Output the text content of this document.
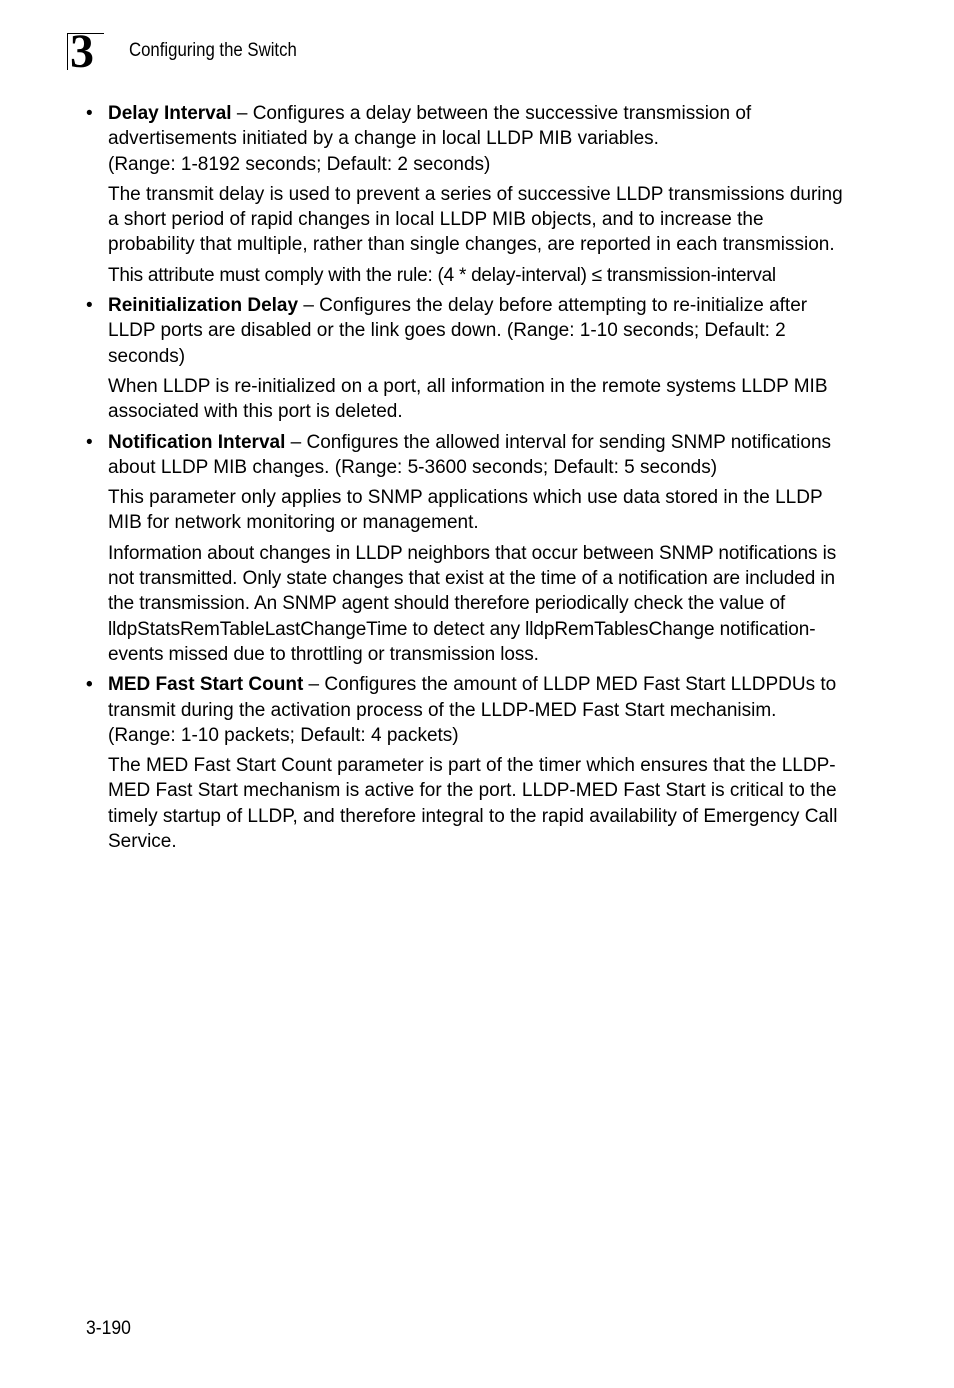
3 Configuring the Switch
• Delay Interval – Configures a delay between the successive transmission of advertisements initiated by a change in local LLDP MIB variables.
(Range: 1-8192 seconds; Default: 2 seconds)

The transmit delay is used to prevent a series of successive LLDP transmissions during a short period of rapid changes in local LLDP MIB objects, and to increase the probability that multiple, rather than single changes, are reported in each transmission.

This attribute must comply with the rule: (4 * delay-interval) ≤ transmission-interval

• Reinitialization Delay – Configures the delay before attempting to re-initialize after LLDP ports are disabled or the link goes down. (Range: 1-10 seconds; Default: 2 seconds)

When LLDP is re-initialized on a port, all information in the remote systems LLDP MIB associated with this port is deleted.

• Notification Interval – Configures the allowed interval for sending SNMP notifications about LLDP MIB changes. (Range: 5-3600 seconds; Default: 5 seconds)

This parameter only applies to SNMP applications which use data stored in the LLDP MIB for network monitoring or management.

Information about changes in LLDP neighbors that occur between SNMP notifications is not transmitted. Only state changes that exist at the time of a notification are included in the transmission. An SNMP agent should therefore periodically check the value of lldpStatsRemTableLastChangeTime to detect any lldpRemTablesChange notification-events missed due to throttling or transmission loss.

• MED Fast Start Count – Configures the amount of LLDP MED Fast Start LLDPDUs to transmit during the activation process of the LLDP-MED Fast Start mechanisim. (Range: 1-10 packets; Default: 4 packets)

The MED Fast Start Count parameter is part of the timer which ensures that the LLDP-MED Fast Start mechanism is active for the port. LLDP-MED Fast Start is critical to the timely startup of LLDP, and therefore integral to the rapid availability of Emergency Call Service.

3-190
